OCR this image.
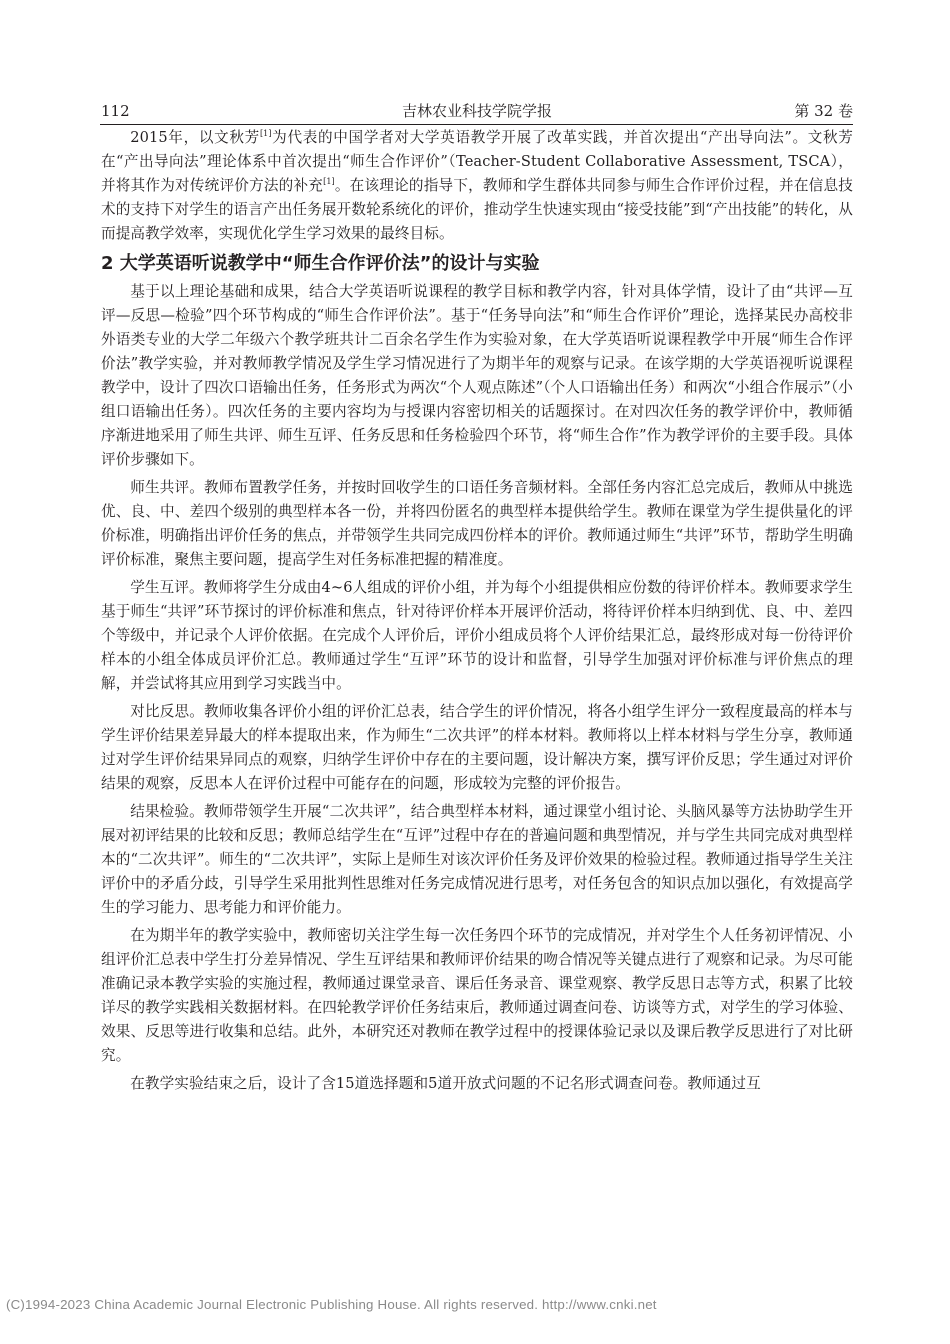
112	吉林农业科技学院学报	第 32 卷

2015年，以文秋芳[1]为代表的中国学者对大学英语教学开展了改革实践，并首次提出“产出导向法”。文秋芳在“产出导向法”理论体系中首次提出“师生合作评价”（Teacher-Student Collaborative Assessment, TSCA），并将其作为对传统评价方法的补充[1]。在该理论的指导下，教师和学生群体共同参与师生合作评价过程，并在信息技术的支持下对学生的语言产出任务展开数轮系统化的评价，推动学生快速实现由“接受技能”到“产出技能”的转化，从而提高教学效率，实现优化学生学习效果的最终目标。

2 大学英语听说教学中“师生合作评价法”的设计与实验

基于以上理论基础和成果，结合大学英语听说课程的教学目标和教学内容，针对具体学情，设计了由“共评—互评—反思—检验”四个环节构成的“师生合作评价法”。基于“任务导向法”和“师生合作评价”理论，选择某民办高校非外语类专业的大学二年级六个教学班共计二百余名学生作为实验对象，在大学英语听说课程教学中开展“师生合作评价法”教学实验，并对教师教学情况及学生学习情况进行了为期半年的观察与记录。在该学期的大学英语视听说课程教学中，设计了四次口语输出任务，任务形式为两次“个人观点陈述”（个人口语输出任务）和两次“小组合作展示”（小组口语输出任务）。四次任务的主要内容均为与授课内容密切相关的话题探讨。在对四次任务的教学评价中，教师循序渐进地采用了师生共评、师生互评、任务反思和任务检验四个环节，将“师生合作”作为教学评价的主要手段。具体评价步骤如下。

师生共评。教师布置教学任务，并按时回收学生的口语任务音频材料。全部任务内容汇总完成后，教师从中挑选优、良、中、差四个级别的典型样本各一份，并将四份匿名的典型样本提供给学生。教师在课堂为学生提供量化的评价标准，明确指出评价任务的焦点，并带领学生共同完成四份样本的评价。教师通过师生“共评”环节，帮助学生明确评价标准，聚焦主要问题，提高学生对任务标准把握的精准度。

学生互评。教师将学生分成由4~6人组成的评价小组，并为每个小组提供相应份数的待评价样本。教师要求学生基于师生“共评”环节探讨的评价标准和焦点，针对待评价样本开展评价活动，将待评价样本归纳到优、良、中、差四个等级中，并记录个人评价依据。在完成个人评价后，评价小组成员将个人评价结果汇总，最终形成对每一份待评价样本的小组全体成员评价汇总。教师通过学生“互评”环节的设计和监督，引导学生加强对评价标准与评价焦点的理解，并尝试将其应用到学习实践当中。

对比反思。教师收集各评价小组的评价汇总表，结合学生的评价情况，将各小组学生评分一致程度最高的样本与学生评价结果差异最大的样本提取出来，作为师生“二次共评”的样本材料。教师将以上样本材料与学生分享，教师通过对学生评价结果异同点的观察，归纳学生评价中存在的主要问题，设计解决方案，撰写评价反思；学生通过对评价结果的观察，反思本人在评价过程中可能存在的问题，形成较为完整的评价报告。

结果检验。教师带领学生开展“二次共评”，结合典型样本材料，通过课堂小组讨论、头脑风暴等方法协助学生开展对初评结果的比较和反思；教师总结学生在“互评”过程中存在的普遍问题和典型情况，并与学生共同完成对典型样本的“二次共评”。师生的“二次共评”，实际上是师生对该次评价任务及评价效果的检验过程。教师通过指导学生关注评价中的矛盾分歧，引导学生采用批判性思维对任务完成情况进行思考，对任务包含的知识点加以强化，有效提高学生的学习能力、思考能力和评价能力。

在为期半年的教学实验中，教师密切关注学生每一次任务四个环节的完成情况，并对学生个人任务初评情况、小组评价汇总表中学生打分差异情况、学生互评结果和教师评价结果的吻合情况等关键点进行了观察和记录。为尽可能准确记录本教学实验的实施过程，教师通过课堂录音、课后任务录音、课堂观察、教学反思日志等方式，积累了比较详尽的教学实践相关数据材料。在四轮教学评价任务结束后，教师通过调查问卷、访谈等方式，对学生的学习体验、效果、反思等进行收集和总结。此外，本研究还对教师在教学过程中的授课体验记录以及课后教学反思进行了对比研究。

在教学实验结束之后，设计了含15道选择题和5道开放式问题的不记名形式调查问卷。教师通过互

(C)1994-2023 China Academic Journal Electronic Publishing House. All rights reserved. http://www.cnki.net
